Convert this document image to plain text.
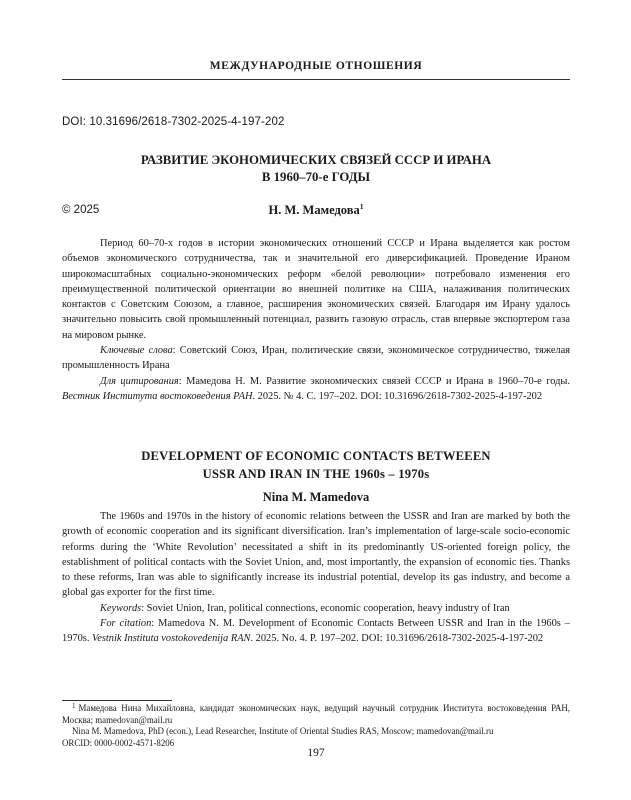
МЕЖДУНАРОДНЫЕ ОТНОШЕНИЯ
DOI: 10.31696/2618-7302-2025-4-197-202
РАЗВИТИЕ ЭКОНОМИЧЕСКИХ СВЯЗЕЙ СССР И ИРАНА
В 1960–70-е ГОДЫ
© 2025	Н. М. Мамедова$^1$

Период 60–70-х годов в истории экономических отношений СССР и Ирана выделяется как ростом объемов экономического сотрудничества, так и значительной его диверсификацией. Проведение Ираном широкомасштабных социально-экономических реформ «белой революции» потребовало изменения его преимущественной политической ориентации во внешней политике на США, налаживания политических контактов с Советским Союзом, а главное, расширения экономических связей. Благодаря им Ирану удалось значительно повысить свой промышленный потенциал, развить газовую отрасль, став впервые экспортером газа на мировом рынке.

Ключевые слова: Советский Союз, Иран, политические связи, экономическое сотрудничество, тяжелая промышленность Ирана

Для цитирования: Мамедова Н. М. Развитие экономических связей СССР и Ирана в 1960–70-е годы. Вестник Института востоковедения РАН. 2025. № 4. С. 197–202. DOI: 10.31696/2618-7302-2025-4-197-202

DEVELOPMENT OF ECONOMIC CONTACTS BETWEEEN
USSR AND IRAN IN THE 1960s – 1970s
Nina M. Mamedova

The 1960s and 1970s in the history of economic relations between the USSR and Iran are marked by both the growth of economic cooperation and its significant diversification. Iran’s implementation of large-scale socio-economic reforms during the ‘White Revolution’ necessitated a shift in its predominantly US-oriented foreign policy, the establishment of political contacts with the Soviet Union, and, most importantly, the expansion of economic ties. Thanks to these reforms, Iran was able to significantly increase its industrial potential, develop its gas industry, and become a global gas exporter for the first time.

Keywords: Soviet Union, Iran, political connections, economic cooperation, heavy industry of Iran

For citation: Mamedova N. M. Development of Economic Contacts Between USSR and Iran in the 1960s – 1970s. Vestnik Instituta vostokovedenija RAN. 2025. No. 4. P. 197–202. DOI: 10.31696/2618-7302-2025-4-197-202

$^1$ Мамедова Нина Михайловна, кандидат экономических наук, ведущий научный сотрудник Института востоковедения РАН, Москва; mamedovan@mail.ru

Nina M. Mamedova, PhD (econ.), Lead Researcher, Institute of Oriental Studies RAS, Moscow; mamedovan@mail.ru

ORCID: 0000-0002-4571-8206
197
